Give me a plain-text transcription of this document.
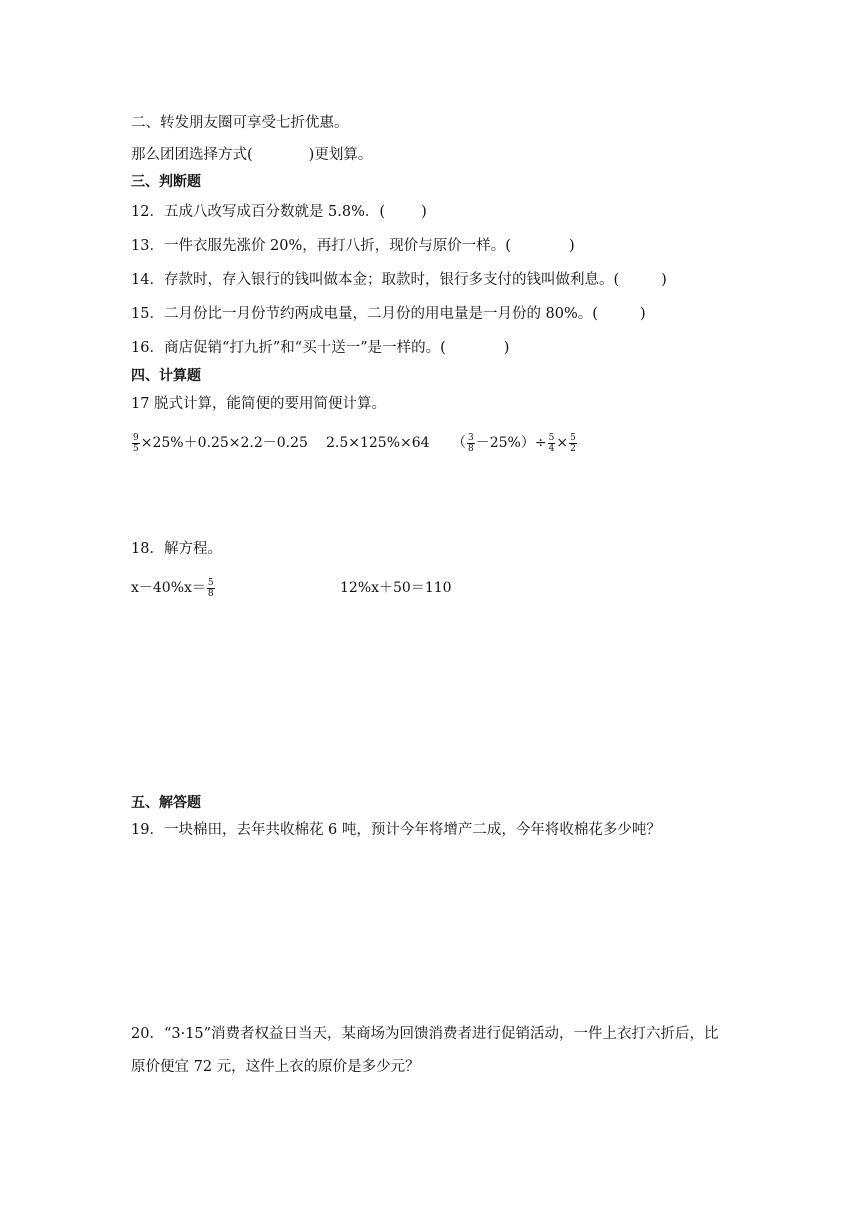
二、转发朋友圈可享受七折优惠。
那么团团选择方式(	)更划算。
三、判断题
12．五成八改写成百分数就是 5.8%．( )
13．一件衣服先涨价 20%，再打八折，现价与原价一样。(	)
14．存款时，存入银行的钱叫做本金；取款时，银行多支付的钱叫做利息。(	)
15．二月份比一月份节约两成电量，二月份的用电量是一月份的 80%。(	)
16．商店促销“打九折”和“买十送一”是一样的。(	)
四、计算题
17 脱式计算，能简便的要用简便计算。
$\frac{9}{5} \times 25\%+0.25\times 2.2-0.25$ 2.5×125%×64 （ $\frac{3}{8} -25\%)\div \frac{5}{4} \times \frac{5}{2}$
18．解方程。
$x-40\%x= \frac{5}{8}$	12%x＋50＝110
五、解答题
19．一块棉田，去年共收棉花 6 吨，预计今年将增产二成，今年将收棉花多少吨？
20．“3·15”消费者权益日当天，某商场为回馈消费者进行促销活动，一件上衣打六折后，比
原价便宜 72 元，这件上衣的原价是多少元？
